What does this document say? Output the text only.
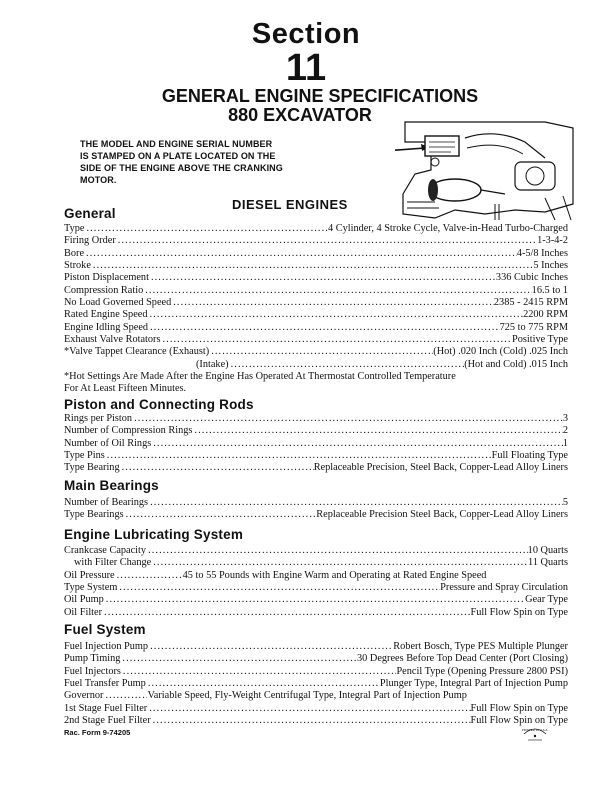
Section
11
GENERAL ENGINE SPECIFICATIONS
880 EXCAVATOR
THE MODEL AND ENGINE SERIAL NUMBER
IS STAMPED ON A PLATE LOCATED ON THE
SIDE OF THE ENGINE ABOVE THE CRANKING
MOTOR.
DIESEL ENGINES
General
Type .....	4 Cylinder, 4 Stroke Cycle, Valve-in-Head Turbo-Charged
Firing Order .....	1-3-4-2
Bore .....	4-5/8 Inches
Stroke .....	5 Inches
Piston Displacement .....	336 Cubic Inches
Compression Ratio .....	16.5 to 1
No Load Governed Speed .....	2385 - 2415 RPM
Rated Engine Speed .....	2200 RPM
Engine Idling Speed .....	725 to 775 RPM
Exhaust Valve Rotators .....	Positive Type
*Valve Tappet Clearance (Exhaust) .....	(Hot) .020 Inch (Cold) .025 Inch
(Intake) .....	(Hot and Cold) .015 Inch
*Hot Settings Are Made After the Engine Has Operated At Thermostat Controlled Temperature
For At Least Fifteen Minutes.
Piston and Connecting Rods
Rings per Piston .....	3
Number of Compression Rings .....	2
Number of Oil Rings .....	1
Type Pins .....	Full Floating Type
Type Bearing .....	Replaceable Precision, Steel Back, Copper-Lead Alloy Liners
Main Bearings
Number of Bearings .....	5
Type Bearings .....	Replaceable Precision Steel Back, Copper-Lead Alloy Liners
Engine Lubricating System
Crankcase Capacity .....	10 Quarts
with Filter Change .....	11 Quarts
Oil Pressure .....	45 to 55 Pounds with Engine Warm and Operating at Rated Engine Speed
Type System .....	Pressure and Spray Circulation
Oil Pump .....	Gear Type
Oil Filter .....	Full Flow Spin on Type
Fuel System
Fuel Injection Pump .....	Robert Bosch, Type PES Multiple Plunger
Pump Timing .....	30 Degrees Before Top Dead Center (Port Closing)
Fuel Injectors .....	Pencil Type (Opening Pressure 2800 PSI)
Fuel Transfer Pump .....	Plunger Type, Integral Part of Injection Pump
Governor .....	Variable Speed, Fly-Weight Centrifugal Type, Integral Part of Injection Pump
1st Stage Fuel Filter .....	Full Flow Spin on Type
2nd Stage Fuel Filter .....	Full Flow Spin on Type
Rac. Form 9-74205	PRINTED IN U.S.A.
